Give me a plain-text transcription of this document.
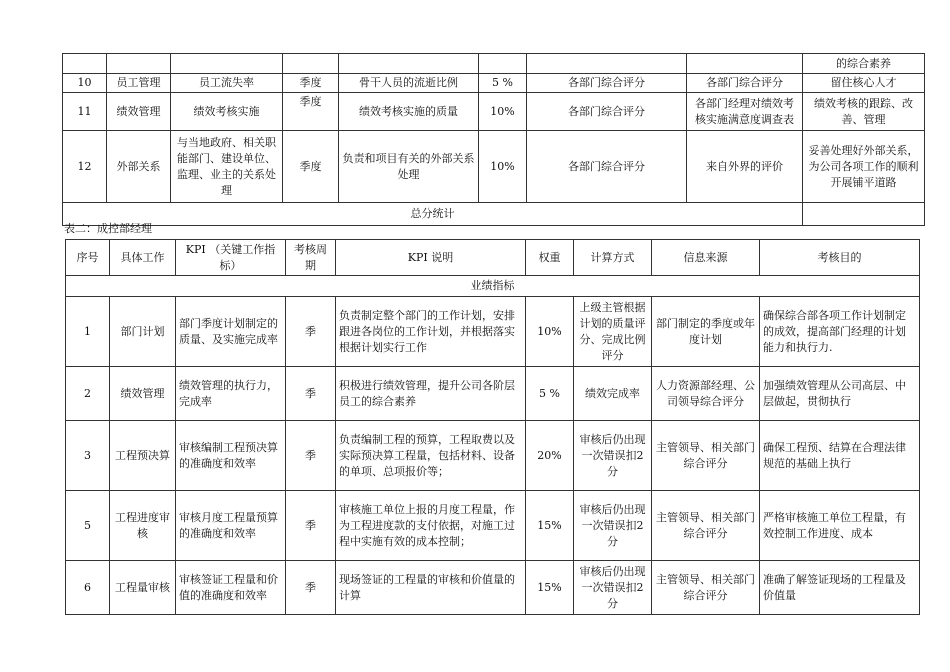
								的综合素养
10	员工管理	员工流失率	季度	骨干人员的流逝比例	5 %	各部门综合评分	各部门综合评分	留住核心人才
11	绩效管理	绩效考核实施	季度	绩效考核实施的质量	10%	各部门综合评分	各部门经理对绩效考核实施满意度调查表	绩效考核的跟踪、改善、管理
12	外部关系	与当地政府、相关职能部门、建设单位、监理、业主的关系处理	季度	负责和项目有关的外部关系处理	10%	各部门综合评分	来自外界的评价	妥善处理好外部关系，为公司各项工作的顺利开展铺平道路
总分统计								
表二：成控部经理
序号	具体工作	KPI （关键工作指标）	考核周期	KPI 说明	权重	计算方式	信息来源	考核目的
业绩指标								
1	部门计划	部门季度计划制定的质量、及实施完成率	季	负责制定整个部门的工作计划，安排跟进各岗位的工作计划，并根据落实根据计划实行工作	10%	上级主管根据计划的质量评分、完成比例评分	部门制定的季度或年度计划	确保综合部各项工作计划制定的成效，提高部门经理的计划能力和执行力.
2	绩效管理	绩效管理的执行力，完成率	季	积极进行绩效管理，提升公司各阶层员工的综合素养	5 %	绩效完成率	人力资源部经理、公司领导综合评分	加强绩效管理从公司高层、中层做起，贯彻执行
3	工程预决算	审核编制工程预决算的准确度和效率	季	负责编制工程的预算，工程取费以及实际预决算工程量，包括材料、设备的单项、总项报价等；	20%	审核后仍出现一次错误扣2 分	主管领导、相关部门综合评分	确保工程预、结算在合理法律规范的基础上执行
5	工程进度审核	审核月度工程量预算的准确度和效率	季	审核施工单位上报的月度工程量，作为工程进度款的支付依据，对施工过程中实施有效的成本控制；	15%	审核后仍出现一次错误扣2 分	主管领导、相关部门综合评分	严格审核施工单位工程量，有效控制工作进度、成本
6	工程量审核	审核签证工程量和价值的准确度和效率	季	现场签证的工程量的审核和价值量的计算	15%	审核后仍出现一次错误扣2 分	主管领导、相关部门综合评分	准确了解签证现场的工程量及价值量
